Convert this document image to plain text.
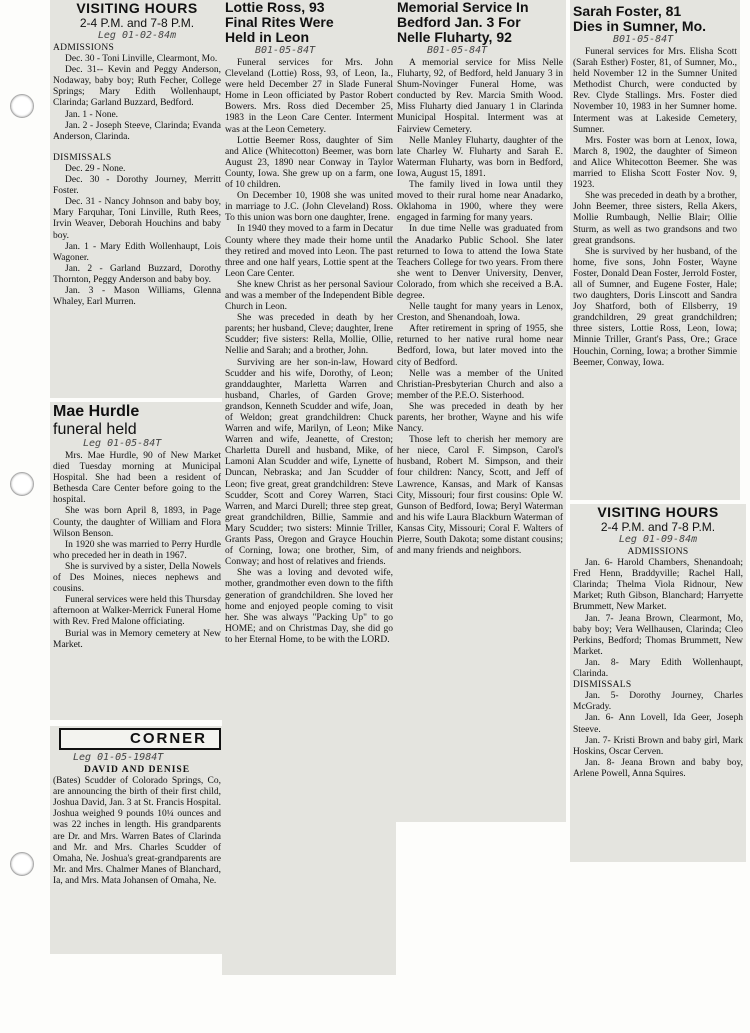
VISITING HOURS
2-4 P.M. and 7-8 P.M.
Leg 01-02-84m

ADMISSIONS

Dec. 30 - Toni Linville, Clearmont, Mo.

Dec. 31-- Kevin and Peggy Anderson, Nodaway, baby boy; Ruth Fecher, College Springs; Mary Edith Wollenhaupt, Clarinda; Garland Buzzard, Bedford.

Jan. 1 - None.

Jan. 2 - Joseph Steeve, Clarinda; Evanda Anderson, Clarinda.

DISMISSALS

Dec. 29 - None.

Dec. 30 - Dorothy Journey, Merritt Foster.

Dec. 31 - Nancy Johnson and baby boy, Mary Farquhar, Toni Linville, Ruth Rees, Irvin Weaver, Deborah Houchins and baby boy.

Jan. 1 - Mary Edith Wollenhaupt, Lois Wagoner.

Jan. 2 - Garland Buzzard, Dorothy Thornton, Peggy Anderson and baby boy.

Jan. 3 - Mason Williams, Glenna Whaley, Earl Murren.

Mae Hurdle
funeral held
Leg 01-05-84T

Mrs. Mae Hurdle, 90 of New Market died Tuesday morning at Municipal Hospital. She had been a resident of Bethesda Care Center before going to the hospital.

She was born April 8, 1893, in Page County, the daughter of William and Flora Wilson Benson.

In 1920 she was married to Perry Hurdle who preceded her in death in 1967.

She is survived by a sister, Della Nowels of Des Moines, nieces nephews and cousins.

Funeral services were held this Thursday afternoon at Walker-Merrick Funeral Home with Rev. Fred Malone officiating.

Burial was in Memory cemetery at New Market.

CORNER
Leg 01-05-1984T

DAVID AND DENISE

(Bates) Scudder of Colorado Springs, Co, are announcing the birth of their first child, Joshua David, Jan. 3 at St. Francis Hospital. Joshua weighed 9 pounds 10¼ ounces and was 22 inches in length. His grandparents are Dr. and Mrs. Warren Bates of Clarinda and Mr. and Mrs. Charles Scudder of Omaha, Ne. Joshua's great-grandparents are Mr. and Mrs. Chalmer Manes of Blanchard, Ia, and Mrs. Mata Johansen of Omaha, Ne.

Lottie Ross, 93
Final Rites Were
Held in Leon
B01-05-84T

Funeral services for Mrs. John Cleveland (Lottie) Ross, 93, of Leon, Ia., were held December 27 in Slade Funeral Home in Leon officiated by Pastor Robert Bowers. Mrs. Ross died December 25, 1983 in the Leon Care Center. Interment was at the Leon Cemetery.

Lottie Beemer Ross, daughter of Sim and Alice (Whitecotton) Beemer, was born August 23, 1890 near Conway in Taylor County, Iowa. She grew up on a farm, one of 10 children.

On December 10, 1908 she was united in marriage to J.C. (John Cleveland) Ross. To this union was born one daughter, Irene.

In 1940 they moved to a farm in Decatur County where they made their home until they retired and moved into Leon. The past three and one half years, Lottie spent at the Leon Care Center.

She knew Christ as her personal Saviour and was a member of the Independent Bible Church in Leon.

She was preceded in death by her parents; her husband, Cleve; daughter, Irene Scudder; five sisters: Rella, Mollie, Ollie, Nellie and Sarah; and a brother, John.

Surviving are her son-in-law, Howard Scudder and his wife, Dorothy, of Leon; granddaughter, Marletta Warren and husband, Charles, of Garden Grove; grandson, Kenneth Scudder and wife, Joan, of Weldon; great grandchildren: Chuck Warren and wife, Marilyn, of Leon; Mike Warren and wife, Jeanette, of Creston; Charletta Durell and husband, Mike, of Lamoni Alan Scudder and wife, Lynette of Duncan, Nebraska; and Jan Scudder of Leon; five great, great grandchildren: Steve Scudder, Scott and Corey Warren, Staci Warren, and Marci Durell; three step great, great grandchildren, Billie, Sammie and Mary Scudder; two sisters: Minnie Triller, Grants Pass, Oregon and Grayce Houchin of Corning, Iowa; one brother, Sim, of Conway; and host of relatives and friends.

She was a loving and devoted wife, mother, grandmother even down to the fifth generation of grandchildren. She loved her home and enjoyed people coming to visit her. She was always "Packing Up" to go HOME; and on Christmas Day, she did go to her Eternal Home, to be with the LORD.

Memorial Service In
Bedford Jan. 3 For
Nelle Fluharty, 92
B01-05-84T

A memorial service for Miss Nelle Fluharty, 92, of Bedford, held January 3 in Shum-Novinger Funeral Home, was conducted by Rev. Marcia Smith Wood. Miss Fluharty died January 1 in Clarinda Municipal Hospital. Interment was at Fairview Cemetery.

Nelle Manley Fluharty, daughter of the late Charley W. Fluharty and Sarah E. Waterman Fluharty, was born in Bedford, Iowa, August 15, 1891.

The family lived in Iowa until they moved to their rural home near Anadarko, Oklahoma in 1900, where they were engaged in farming for many years.

In due time Nelle was graduated from the Anadarko Public School. She later returned to Iowa to attend the Iowa State Teachers College for two years. From there she went to Denver University, Denver, Colorado, from which she received a B.A. degree.

Nelle taught for many years in Lenox, Creston, and Shenandoah, Iowa.

After retirement in spring of 1955, she returned to her native rural home near Bedford, Iowa, but later moved into the city of Bedford.

Nelle was a member of the United Christian-Presbyterian Church and also a member of the P.E.O. Sisterhood.

She was preceded in death by her parents, her brother, Wayne and his wife Nancy.

Those left to cherish her memory are her niece, Carol F. Simpson, Carol's husband, Robert M. Simpson, and their four children: Nancy, Scott, and Jeff of Lawrence, Kansas, and Mark of Kansas City, Missouri; four first cousins: Ople W. Gunson of Bedford, Iowa; Beryl Waterman and his wife Laura Blackburn Waterman of Kansas City, Missouri; Coral F. Walters of Pierre, South Dakota; some distant cousins; and many friends and neighbors.

Sarah Foster, 81
Dies in Sumner, Mo.
B01-05-84T

Funeral services for Mrs. Elisha Scott (Sarah Esther) Foster, 81, of Sumner, Mo., held November 12 in the Sumner United Methodist Church, were conducted by Rev. Clyde Stallings. Mrs. Foster died November 10, 1983 in her Sumner home. Interment was at Lakeside Cemetery, Sumner.

Mrs. Foster was born at Lenox, Iowa, March 8, 1902, the daughter of Simeon and Alice Whitecotton Beemer. She was married to Elisha Scott Foster Nov. 9, 1923.

She was preceded in death by a brother, John Beemer, three sisters, Rella Akers, Mollie Rumbaugh, Nellie Blair; Ollie Sturm, as well as two grandsons and two great grandsons.

She is survived by her husband, of the home, five sons, John Foster, Wayne Foster, Donald Dean Foster, Jerrold Foster, all of Sumner, and Eugene Foster, Hale; two daughters, Doris Linscott and Sandra Joy Shatford, both of Ellsberry, 19 grandchildren, 29 great grandchildren; three sisters, Lottie Ross, Leon, Iowa; Minnie Triller, Grant's Pass, Ore.; Grace Houchin, Corning, Iowa; a brother Simmie Beemer, Conway, Iowa.

VISITING HOURS
2-4 P.M. and 7-8 P.M.
Leg 01-09-84m

ADMISSIONS

Jan. 6- Harold Chambers, Shenandoah; Fred Henn, Braddyville; Rachel Hall, Clarinda; Thelma Viola Ridnour, New Market; Ruth Gibson, Blanchard; Harryette Brummett, New Market.

Jan. 7- Jeana Brown, Clearmont, Mo, baby boy; Vera Wellhausen, Clarinda; Cleo Perkins, Bedford; Thomas Brummett, New Market.

Jan. 8- Mary Edith Wollenhaupt, Clarinda.

DISMISSALS

Jan. 5- Dorothy Journey, Charles McGrady.

Jan. 6- Ann Lovell, Ida Geer, Joseph Steeve.

Jan. 7- Kristi Brown and baby girl, Mark Hoskins, Oscar Cerven.

Jan. 8- Jeana Brown and baby boy, Arlene Powell, Anna Squires.
